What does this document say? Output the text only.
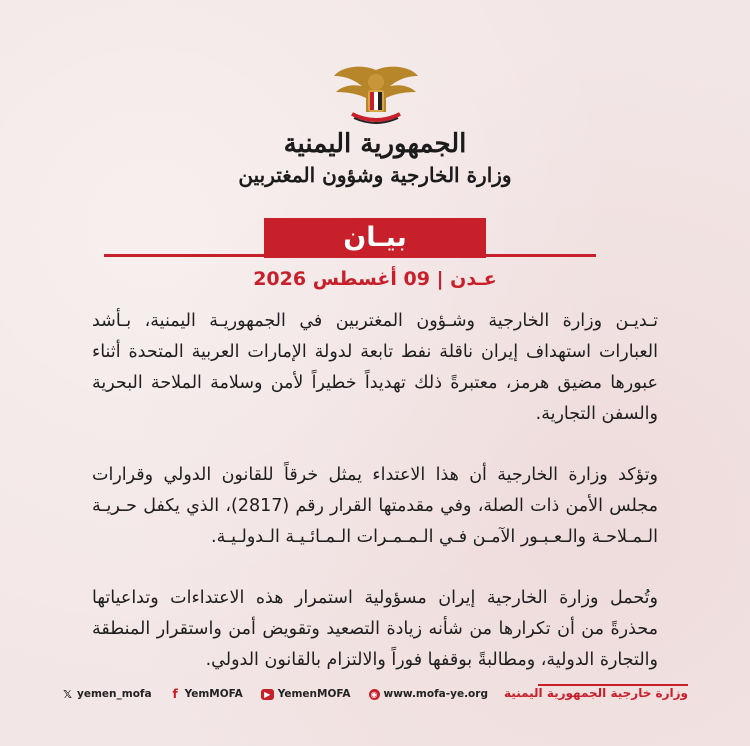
الجمهورية اليمنية
وزارة الخارجية وشؤون المغتربين
بيـان
عـدن | 09 أغسطس 2026

تـديـن وزارة الخارجية وشـؤون المغتربين في الجمهوريـة اليمنية، بـأشد العبارات استهداف إيران ناقلة نفط تابعة لدولة الإمارات العربية المتحدة أثناء عبورها مضيق هرمز، معتبرةً ذلك تهديداً خطيراً لأمن وسلامة الملاحة البحرية والسفن التجارية.

وتؤكد وزارة الخارجية أن هذا الاعتداء يمثل خرقاً للقانون الدولي وقرارات مجلس الأمن ذات الصلة، وفي مقدمتها القرار رقم (2817)، الذي يكفل حـريـة الـمـلاحـة والـعـبـور الآمـن فـي الـمـمـرات الـمـائـيـة الـدولـيـة.

وتُحمل وزارة الخارجية إيران مسؤولية استمرار هذه الاعتداءات وتداعياتها محذرةً من أن تكرارها من شأنه زيادة التصعيد وتقويض أمن واستقرار المنطقة والتجارة الدولية، ومطالبةً بوقفها فوراً والالتزام بالقانون الدولي.

𝕏 yemen_mofa f YemMOFA	▶ YemenMOFA	◉ www.mofa-ye.org وزارة خارجية الجمهورية اليمنية
